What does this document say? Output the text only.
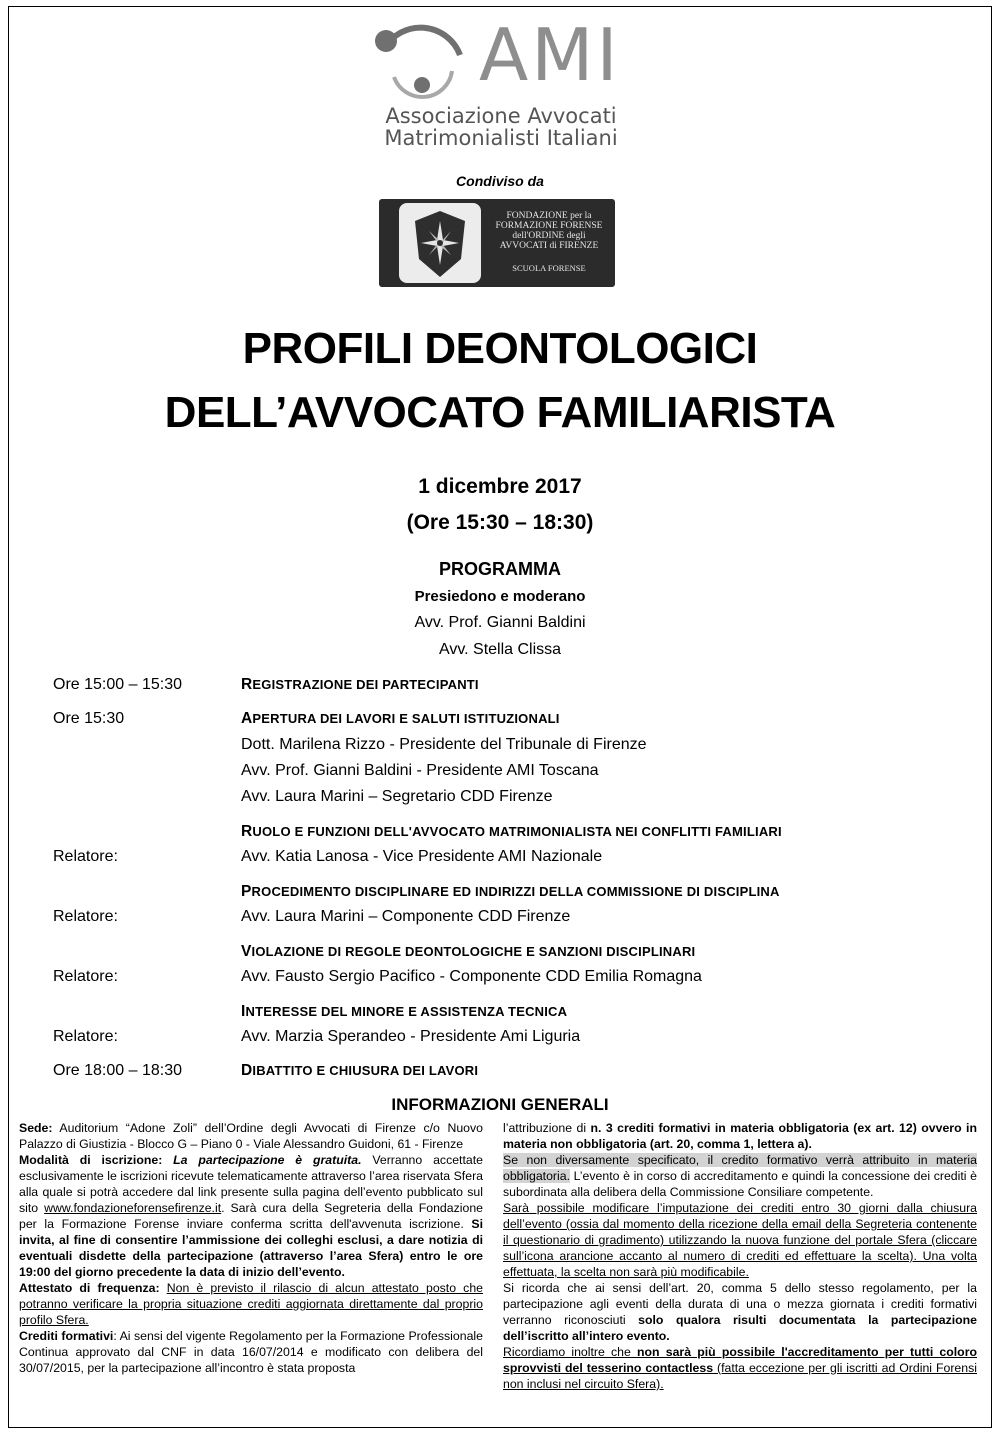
AMI
Associazione Avvocati
Matrimonialisti Italiani
Condiviso da
FONDAZIONE per la
FORMAZIONE FORENSE
dell'ORDINE degli
AVVOCATI di FIRENZE
SCUOLA FORENSE
PROFILI DEONTOLOGICI
DELL’AVVOCATO FAMILIARISTA
1 dicembre 2017
(Ore 15:30 – 18:30)
PROGRAMMA
Presiedono e moderano
Avv. Prof. Gianni Baldini
Avv. Stella Clissa
Ore 15:00 – 15:30	REGISTRAZIONE DEI PARTECIPANTI
Ore 15:30	APERTURA DEI LAVORI E SALUTI ISTITUZIONALI
Dott. Marilena Rizzo - Presidente del Tribunale di Firenze
Avv. Prof. Gianni Baldini - Presidente AMI Toscana
Avv. Laura Marini – Segretario CDD Firenze
RUOLO E FUNZIONI DELL'AVVOCATO MATRIMONIALISTA NEI CONFLITTI FAMILIARI
Relatore:	Avv. Katia Lanosa - Vice Presidente AMI Nazionale
PROCEDIMENTO DISCIPLINARE ED INDIRIZZI DELLA COMMISSIONE DI DISCIPLINA
Relatore:	Avv. Laura Marini – Componente CDD Firenze
VIOLAZIONE DI REGOLE DEONTOLOGICHE E SANZIONI DISCIPLINARI
Relatore:	Avv. Fausto Sergio Pacifico - Componente CDD Emilia Romagna
INTERESSE DEL MINORE E ASSISTENZA TECNICA
Relatore:	Avv. Marzia Sperandeo - Presidente Ami Liguria
Ore 18:00 – 18:30	DIBATTITO E CHIUSURA DEI LAVORI
INFORMAZIONI GENERALI

Sede: Auditorium “Adone Zoli” dell’Ordine degli Avvocati di Firenze c/o Nuovo Palazzo di Giustizia - Blocco G – Piano 0 - Viale Alessandro Guidoni, 61 - Firenze

Modalità di iscrizione: La partecipazione è gratuita. Verranno accettate esclusivamente le iscrizioni ricevute telematicamente attraverso l’area riservata Sfera alla quale si potrà accedere dal link presente sulla pagina dell’evento pubblicato sul sito www.fondazioneforensefirenze.it. Sarà cura della Segreteria della Fondazione per la Formazione Forense inviare conferma scritta dell'avvenuta iscrizione. Si invita, al fine di consentire l’ammissione dei colleghi esclusi, a dare notizia di eventuali disdette della partecipazione (attraverso l’area Sfera) entro le ore 19:00 del giorno precedente la data di inizio dell’evento.

Attestato di frequenza: Non è previsto il rilascio di alcun attestato posto che potranno verificare la propria situazione crediti aggiornata direttamente dal proprio profilo Sfera.

Crediti formativi: Ai sensi del vigente Regolamento per la Formazione Professionale Continua approvato dal CNF in data 16/07/2014 e modificato con delibera del 30/07/2015, per la partecipazione all’incontro è stata proposta

l’attribuzione di n. 3 crediti formativi in materia obbligatoria (ex art. 12) ovvero in materia non obbligatoria (art. 20, comma 1, lettera a).

Se non diversamente specificato, il credito formativo verrà attribuito in materia obbligatoria. L’evento è in corso di accreditamento e quindi la concessione dei crediti è subordinata alla delibera della Commissione Consiliare competente.

Sarà possibile modificare l’imputazione dei crediti entro 30 giorni dalla chiusura dell’evento (ossia dal momento della ricezione della email della Segreteria contenente il questionario di gradimento) utilizzando la nuova funzione del portale Sfera (cliccare sull’icona arancione accanto al numero di crediti ed effettuare la scelta). Una volta effettuata, la scelta non sarà più modificabile.

Si ricorda che ai sensi dell’art. 20, comma 5 dello stesso regolamento, per la partecipazione agli eventi della durata di una o mezza giornata i crediti formativi verranno riconosciuti solo qualora risulti documentata la partecipazione dell’iscritto all’intero evento.

Ricordiamo inoltre che non sarà più possibile l'accreditamento per tutti coloro sprovvisti del tesserino contactless (fatta eccezione per gli iscritti ad Ordini Forensi non inclusi nel circuito Sfera).
